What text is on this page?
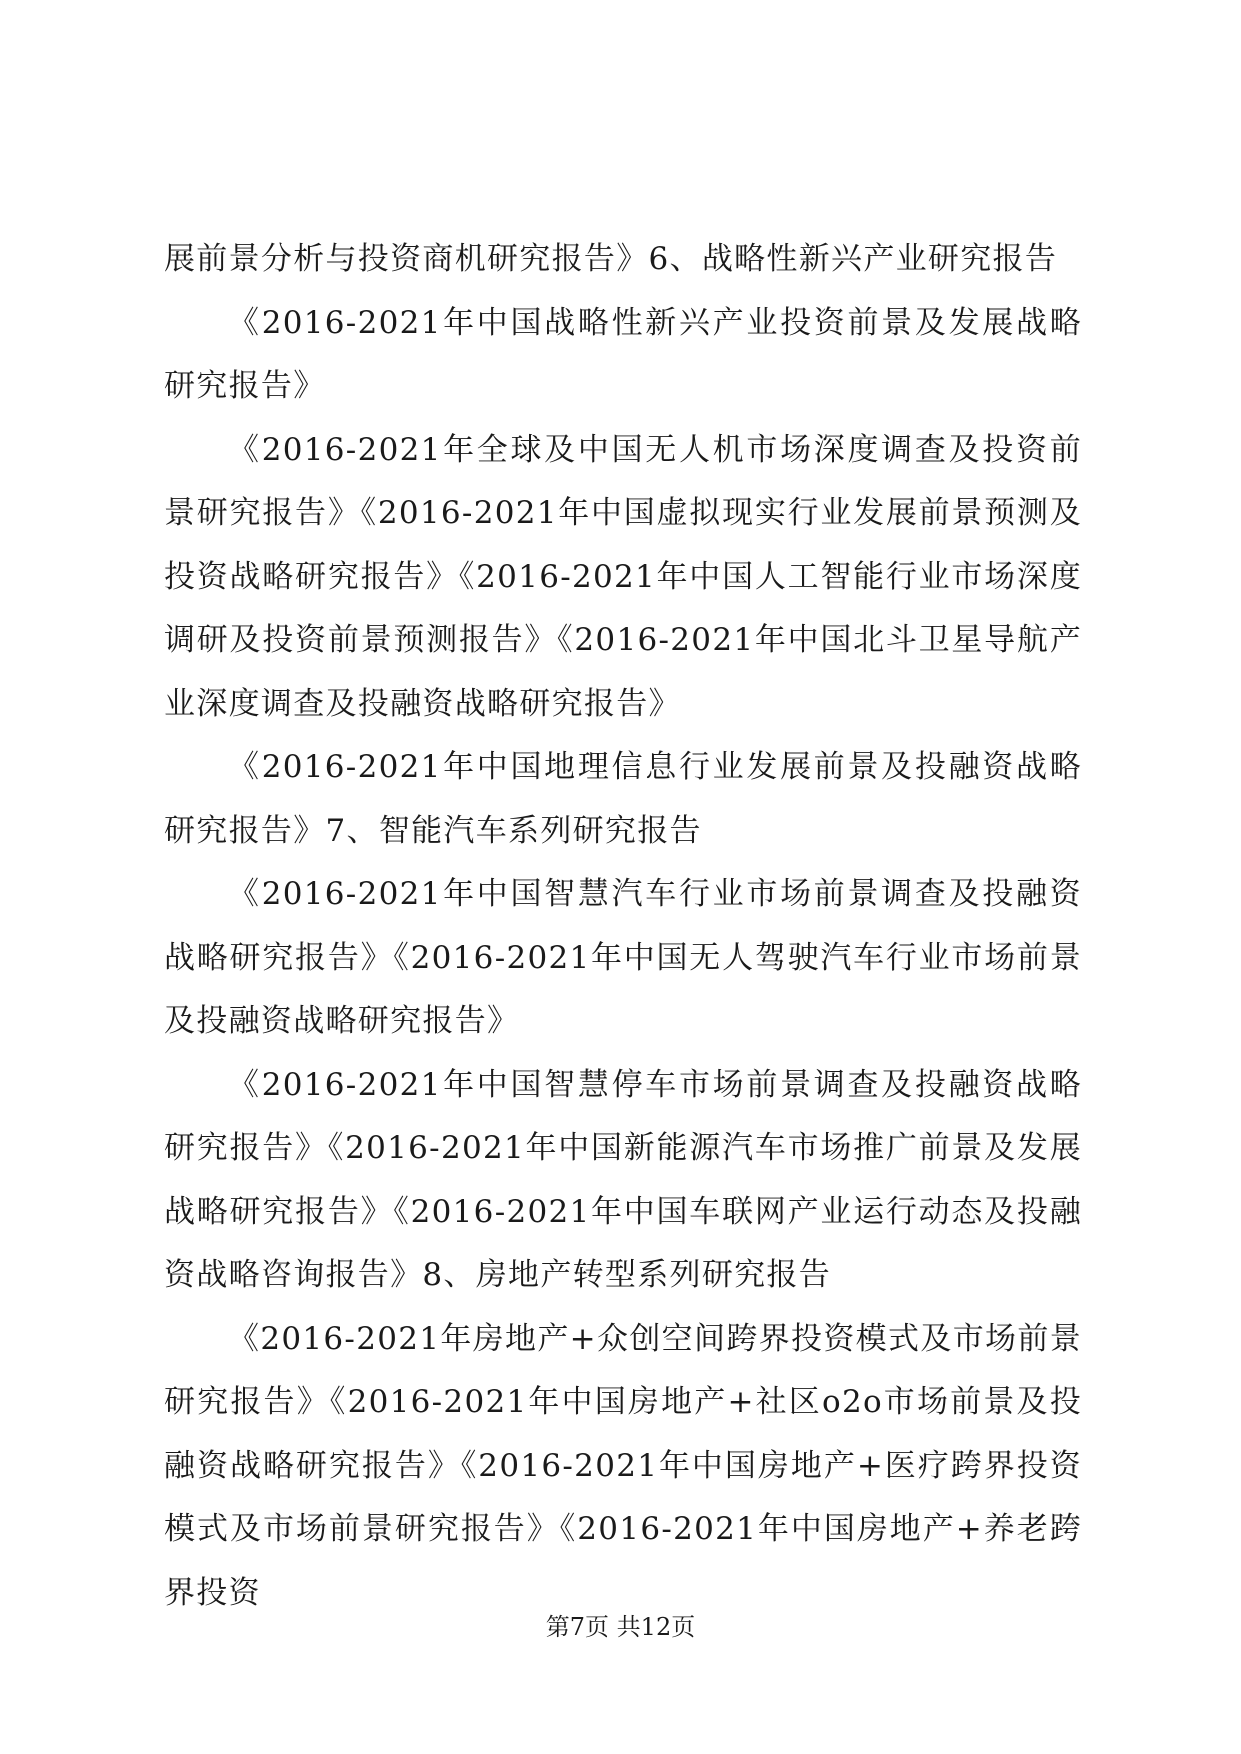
展前景分析与投资商机研究报告》6、战略性新兴产业研究报告

《2016-2021年中国战略性新兴产业投资前景及发展战略研究报告》

《2016-2021年全球及中国无人机市场深度调查及投资前景研究报告》《2016-2021年中国虚拟现实行业发展前景预测及投资战略研究报告》《2016-2021年中国人工智能行业市场深度调研及投资前景预测报告》《2016-2021年中国北斗卫星导航产业深度调查及投融资战略研究报告》

《2016-2021年中国地理信息行业发展前景及投融资战略研究报告》7、智能汽车系列研究报告

《2016-2021年中国智慧汽车行业市场前景调查及投融资战略研究报告》《2016-2021年中国无人驾驶汽车行业市场前景及投融资战略研究报告》

《2016-2021年中国智慧停车市场前景调查及投融资战略研究报告》《2016-2021年中国新能源汽车市场推广前景及发展战略研究报告》《2016-2021年中国车联网产业运行动态及投融资战略咨询报告》8、房地产转型系列研究报告

《2016-2021年房地产+众创空间跨界投资模式及市场前景研究报告》《2016-2021年中国房地产+社区o2o市场前景及投融资战略研究报告》《2016-2021年中国房地产+医疗跨界投资模式及市场前景研究报告》《2016-2021年中国房地产+养老跨界投资

第7页 共12页
